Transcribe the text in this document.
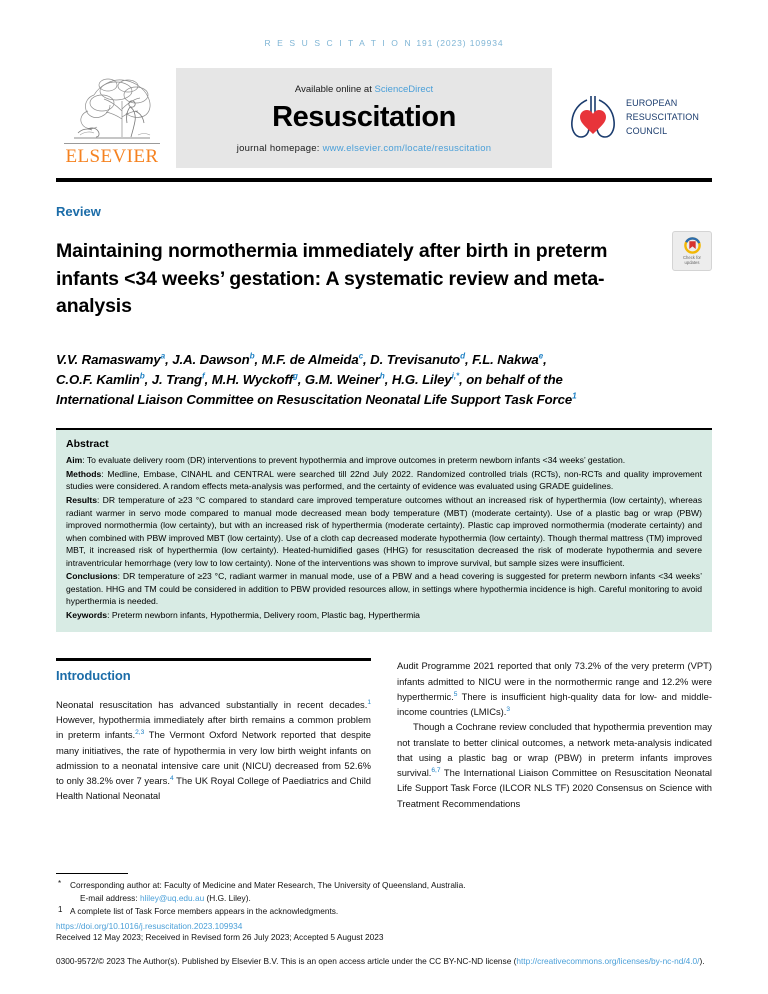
R E S U S C I T A T I O N 191 (2023) 109934
ELSEVIER
Available online at ScienceDirect
Resuscitation
journal homepage: www.elsevier.com/locate/resuscitation
EUROPEAN
RESUSCITATION
COUNCIL
Review
Maintaining normothermia immediately after birth in preterm infants <34 weeks’ gestation: A systematic review and meta-analysis
Check for
updates
V.V. Ramaswamy$^a$, J.A. Dawson$^b$, M.F. de Almeida$^c$, D. Trevisanuto$^d$, F.L. Nakwa$^e$,
C.O.F. Kamlin$^b$, J. Trang$^f$, M.H. Wyckoff$^g$, G.M. Weiner$^h$, H.G. Liley$^{i,*}$, on behalf of the
International Liaison Committee on Resuscitation Neonatal Life Support Task Force$^1$
Abstract

Aim: To evaluate delivery room (DR) interventions to prevent hypothermia and improve outcomes in preterm newborn infants <34 weeks’ gestation.

Methods: Medline, Embase, CINAHL and CENTRAL were searched till 22nd July 2022. Randomized controlled trials (RCTs), non-RCTs and quality improvement studies were considered. A random effects meta-analysis was performed, and the certainty of evidence was evaluated using GRADE guidelines.

Results: DR temperature of ≥23 °C compared to standard care improved temperature outcomes without an increased risk of hyperthermia (low certainty), whereas radiant warmer in servo mode compared to manual mode decreased mean body temperature (MBT) (moderate certainty). Use of a plastic bag or wrap (PBW) improved normothermia (low certainty), but with an increased risk of hyperthermia (moderate certainty). Plastic cap improved normothermia (moderate certainty) and when combined with PBW improved MBT (low certainty). Use of a cloth cap decreased moderate hypothermia (low certainty). Though thermal mattress (TM) improved MBT, it increased risk of hyperthermia (low certainty). Heated-humidified gases (HHG) for resuscitation decreased the risk of moderate hypothermia and severe intraventricular hemorrhage (very low to low certainty). None of the interventions was shown to improve survival, but sample sizes were insufficient.

Conclusions: DR temperature of ≥23 °C, radiant warmer in manual mode, use of a PBW and a head covering is suggested for preterm newborn infants <34 weeks’ gestation. HHG and TM could be considered in addition to PBW provided resources allow, in settings where hypothermia incidence is high. Careful monitoring to avoid hyperthermia is needed.

Keywords: Preterm newborn infants, Hypothermia, Delivery room, Plastic bag, Hyperthermia

Introduction

Neonatal resuscitation has advanced substantially in recent decades.$^1$ However, hypothermia immediately after birth remains a common problem in preterm infants.$^{2,3}$ The Vermont Oxford Network reported that despite many initiatives, the rate of hypothermia in very low birth weight infants on admission to a neonatal intensive care unit (NICU) decreased from 52.6% to only 38.2% over 7 years.$^4$ The UK Royal College of Paediatrics and Child Health National Neonatal

Audit Programme 2021 reported that only 73.2% of the very preterm (VPT) infants admitted to NICU were in the normothermic range and 12.2% were hyperthermic.$^5$ There is insufficient high-quality data for low- and middle-income countries (LMICs).$^3$

Though a Cochrane review concluded that hypothermia prevention may not translate to better clinical outcomes, a network meta-analysis indicated that using a plastic bag or wrap (PBW) in preterm infants improves survival.$^{6,7}$ The International Liaison Committee on Resuscitation Neonatal Life Support Task Force (ILCOR NLS TF) 2020 Consensus on Science with Treatment Recommendations

* Corresponding author at: Faculty of Medicine and Mater Research, The University of Queensland, Australia.
E-mail address: hliley@uq.edu.au (H.G. Liley).
1 A complete list of Task Force members appears in the acknowledgments.
https://doi.org/10.1016/j.resuscitation.2023.109934
Received 12 May 2023; Received in Revised form 26 July 2023; Accepted 5 August 2023
0300-9572/© 2023 The Author(s). Published by Elsevier B.V. This is an open access article under the CC BY-NC-ND license (http://creativecommons.org/licenses/by-nc-nd/4.0/).
